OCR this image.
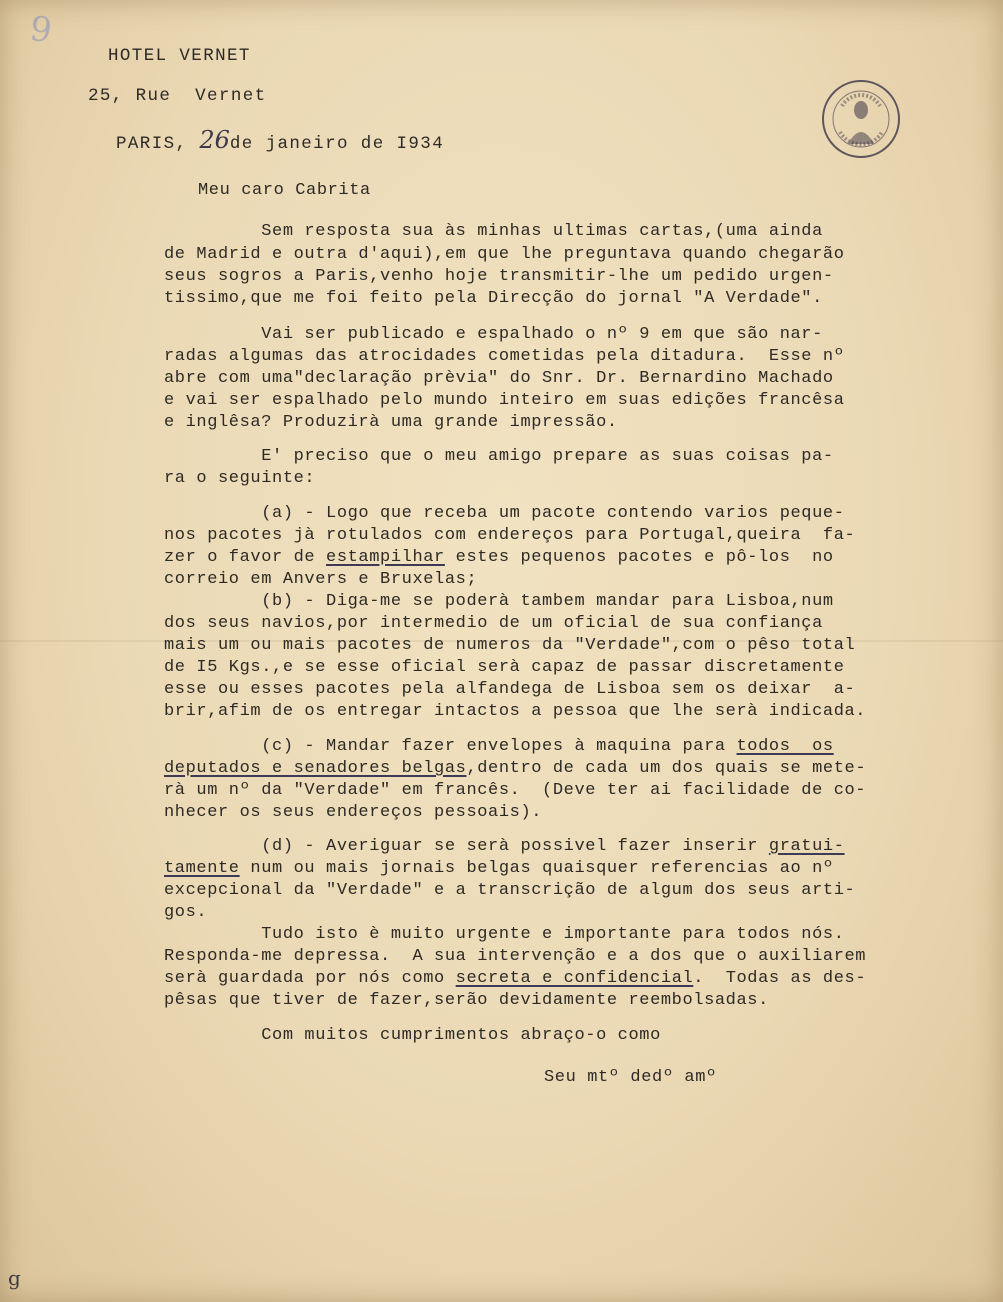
9
HOTEL VERNET
25, Rue  Vernet
PARIS, 26de janeiro de I934
Meu caro Cabrita
Sem resposta sua às minhas ultimas cartas,(uma ainda
de Madrid e outra d'aqui),em que lhe preguntava quando chegarão
seus sogros a Paris,venho hoje transmitir-lhe um pedido urgen-
tissimo,que me foi feito pela Direcção do jornal "A Verdade".
Vai ser publicado e espalhado o nº 9 em que são nar-
radas algumas das atrocidades cometidas pela ditadura.  Esse nº
abre com uma"declaração prèvia" do Snr. Dr. Bernardino Machado
e vai ser espalhado pelo mundo inteiro em suas edições francêsa
e inglêsa? Produzirà uma grande impressão.
E' preciso que o meu amigo prepare as suas coisas pa-
ra o seguinte:
(a) - Logo que receba um pacote contendo varios peque-
nos pacotes jà rotulados com endereços para Portugal,queira  fa-
zer o favor de estampilhar estes pequenos pacotes e pô-los  no
correio em Anvers e Bruxelas;
(b) - Diga-me se poderà tambem mandar para Lisboa,num
dos seus navios,por intermedio de um oficial de sua confiança
mais um ou mais pacotes de numeros da "Verdade",com o pêso total
de I5 Kgs.,e se esse oficial serà capaz de passar discretamente
esse ou esses pacotes pela alfandega de Lisboa sem os deixar  a-
brir,afim de os entregar intactos a pessoa que lhe serà indicada.
(c) - Mandar fazer envelopes à maquina para todos  os
deputados e senadores belgas,dentro de cada um dos quais se mete-
rà um nº da "Verdade" em francês.  (Deve ter ai facilidade de co-
nhecer os seus endereços pessoais).
(d) - Averiguar se serà possivel fazer inserir gratui-
tamente num ou mais jornais belgas quaisquer referencias ao nº
excepcional da "Verdade" e a transcrição de algum dos seus arti-
gos.
Tudo isto è muito urgente e importante para todos nós.
Responda-me depressa.  A sua intervenção e a dos que o auxiliarem
serà guardada por nós como secreta e confidencial.  Todas as des-
pêsas que tiver de fazer,serão devidamente reembolsadas.
Com muitos cumprimentos abraço-o como
Seu mtº dedº amº
g
